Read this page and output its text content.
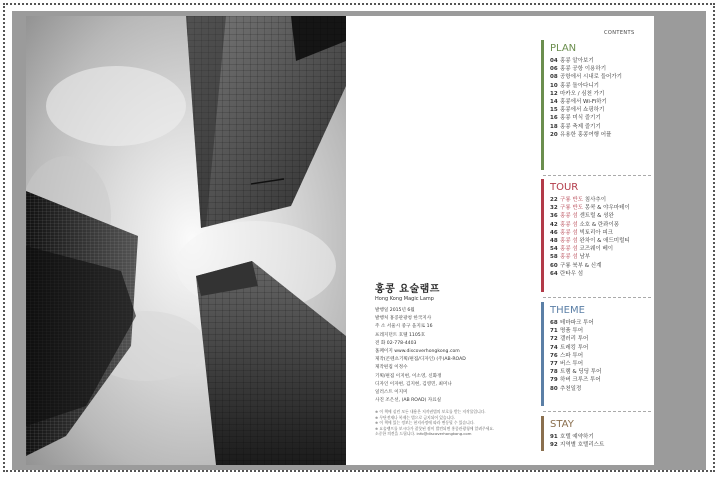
CONTENTS
PLAN
04 홍콩 알아보기
06 홍콩 공항 이용하기
08 공항에서 시내로 들어가기
10 홍콩 돌아다니기
12 마카오 / 심천 가기
14 홍콩에서 Wi-Fi하기
15 홍콩에서 쇼핑하기
16 홍콩 미식 즐기기
18 홍콩 축제 즐기기
20 유용한 홍콩여행 어플
TOUR
22 구룡 반도 침사추이
32 구룡 반도 몽콕 & 야우마테이
36 홍콩 섬 센트럴 & 셩완
42 홍콩 섬 소호 & 란콰이퐁
46 홍콩 섬 빅토리아 피크
48 홍콩 섬 완차이 & 애드미럴티
54 홍콩 섬 코즈웨이 베이
58 홍콩 섬 남부
60 구룡 북부 & 신계
64 란타우 섬
THEME
68 테마파크 투어
71 명품 투어
72 갤러리 투어
74 트레킹 투어
76 스파 투어
77 버스 투어
78 트램 & 딩딩 투어
79 하버 크루즈 투어
80 추천일정
STAY
91 호텔 예약하기
92 지역별 호텔리스트
홍콩 요술램프
Hong Kong Magic Lamp
발행일 2015년 6월
발행처 홍콩관광청 한국지사
주 소 서울시 중구 을지로 16
프레지던트 호텔 1105호
전 화 02-778-4403
홈페이지 www.discoverhongkong.com
제작(콘텐츠기획/편집/디자인) (주)AB-ROAD
제작편집 이정수
기획/편집 이지현, 이소영, 신화정
디자인 이자현, 김지현, 김영민, 최미나
일러스트 이지미
사진 조은선, (AB ROAD) 자료실
※ 이 책에 실린 모든 내용은 저작권법의 보호를 받는 저작물입니다.
※ 무단전재나 복제는 법으로 금지되어 있습니다.
※ 이 책에 있는 정보는 현지사정에 따라 변동될 수 있습니다.
※ 요술램프를 보시다가 잘못된 점이 발견되면 홍콩관광청에 알려주세요.
소중한 의견을 드립니다. info@discoverhongkong.com
